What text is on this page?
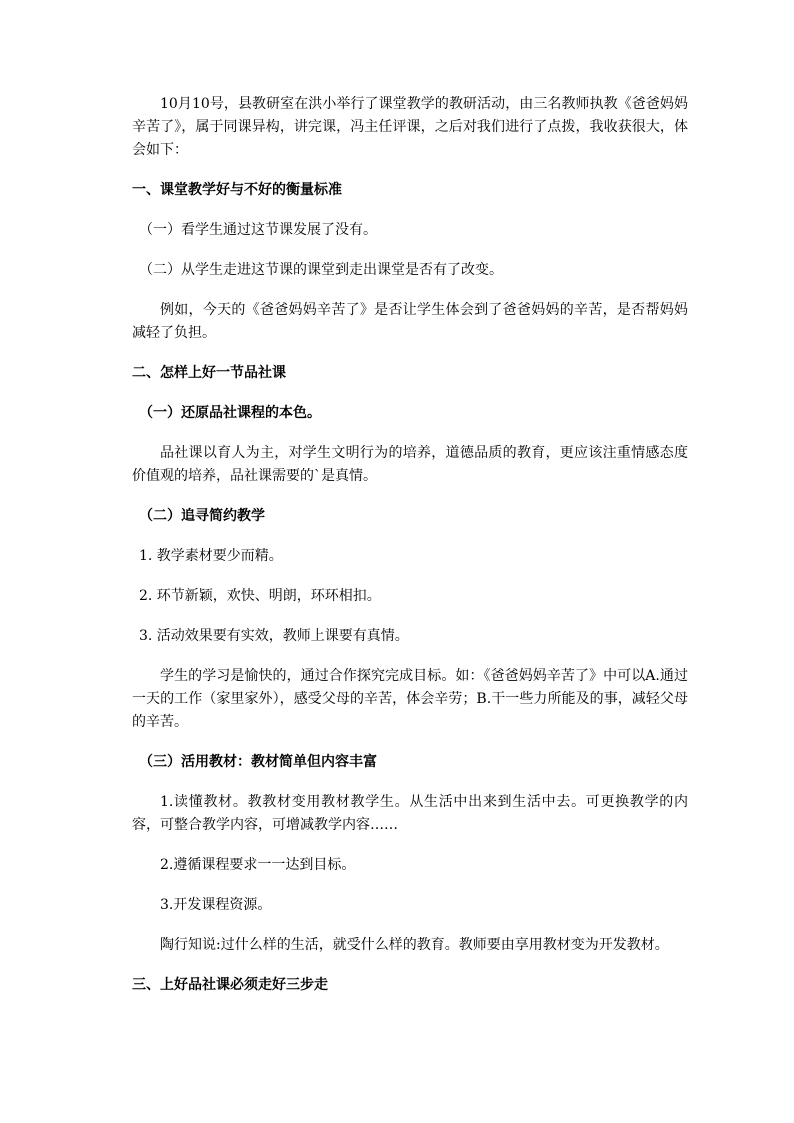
10月10号，县教研室在洪小举行了课堂教学的教研活动，由三名教师执教《爸爸妈妈辛苦了》，属于同课异构，讲完课，冯主任评课，之后对我们进行了点拨，我收获很大，体会如下：

一、课堂教学好与不好的衡量标准

（一）看学生通过这节课发展了没有。

（二）从学生走进这节课的课堂到走出课堂是否有了改变。

例如，今天的《爸爸妈妈辛苦了》是否让学生体会到了爸爸妈妈的辛苦，是否帮妈妈减轻了负担。

二、怎样上好一节品社课

（一）还原品社课程的本色。

品社课以育人为主，对学生文明行为的培养，道德品质的教育，更应该注重情感态度价值观的培养，品社课需要的`是真情。

（二）追寻简约教学

1. 教学素材要少而精。

2. 环节新颖，欢快、明朗，环环相扣。

3. 活动效果要有实效，教师上课要有真情。

学生的学习是愉快的，通过合作探究完成目标。如：《爸爸妈妈辛苦了》中可以A.通过一天的工作（家里家外），感受父母的辛苦，体会辛劳；B.干一些力所能及的事，减轻父母的辛苦。

（三）活用教材：教材简单但内容丰富

1.读懂教材。教教材变用教材教学生。从生活中出来到生活中去。可更换教学的内容，可整合教学内容，可增减教学内容……

2.遵循课程要求一一达到目标。

3.开发课程资源。

陶行知说:过什么样的生活，就受什么样的教育。教师要由享用教材变为开发教材。

三、上好品社课必须走好三步走
